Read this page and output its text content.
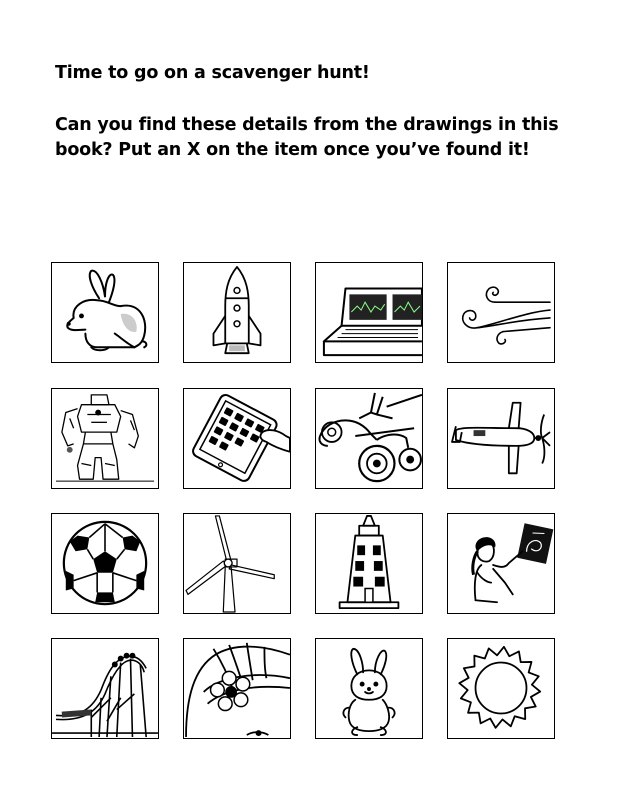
Time to go on a scavenger hunt!

Can you find these details from the drawings in this book? Put an X on the item once you’ve found it!
